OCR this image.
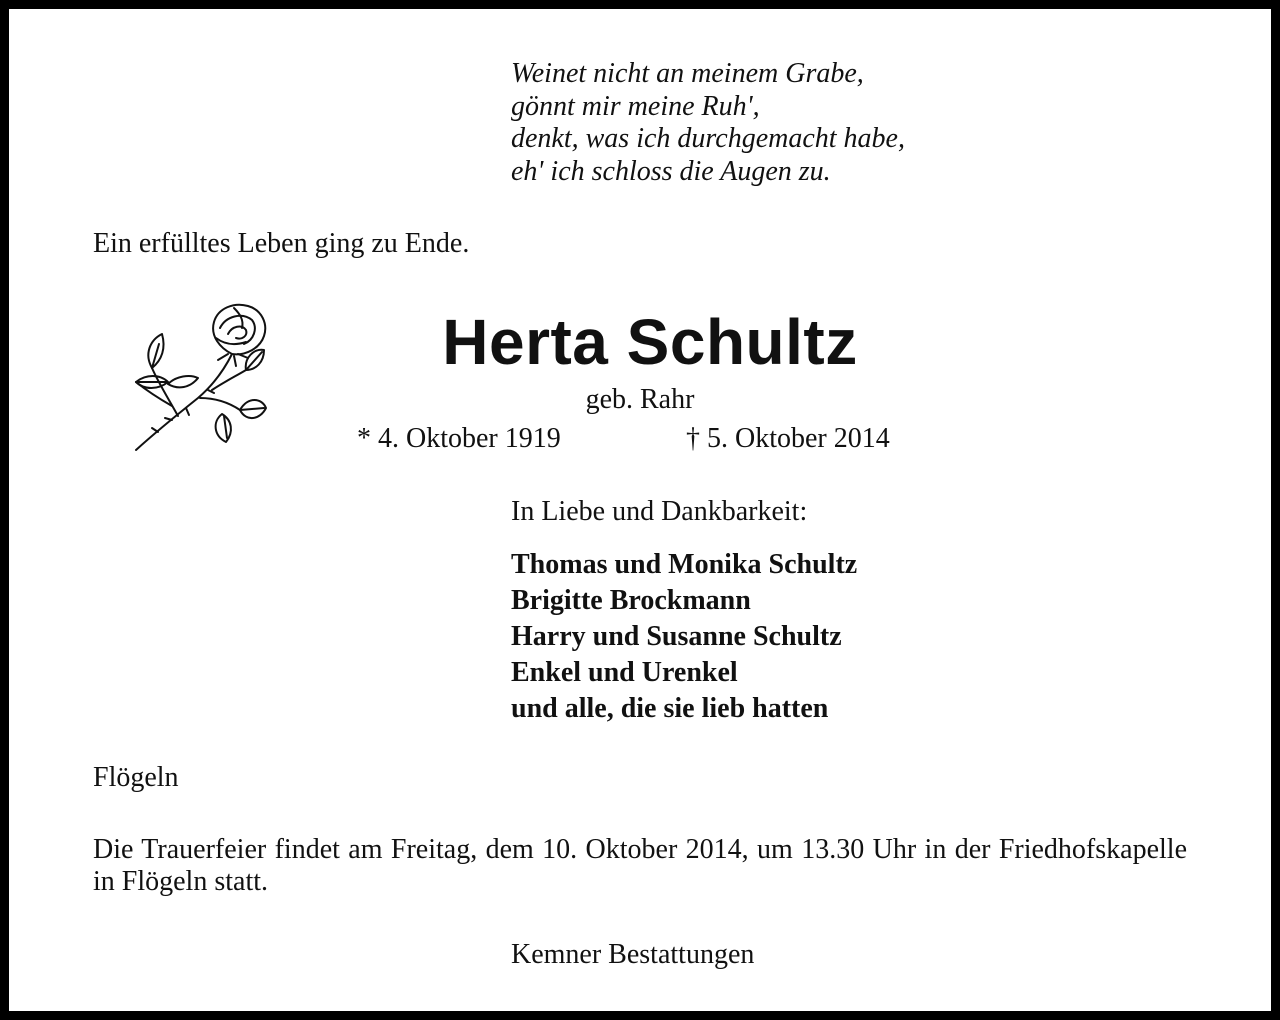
Weinet nicht an meinem Grabe,
gönnt mir meine Ruh',
denkt, was ich durchgemacht habe,
eh' ich schloss die Augen zu.
Ein erfülltes Leben ging zu Ende.
Herta Schultz
geb. Rahr
* 4. Oktober 1919	† 5. Oktober 2014
In Liebe und Dankbarkeit:
Thomas und Monika Schultz
Brigitte Brockmann
Harry und Susanne Schultz
Enkel und Urenkel
und alle, die sie lieb hatten
Flögeln
Die Trauerfeier findet am Freitag, dem 10. Oktober 2014, um 13.30 Uhr in der Friedhofskapelle in Flögeln statt.
Kemner Bestattungen
